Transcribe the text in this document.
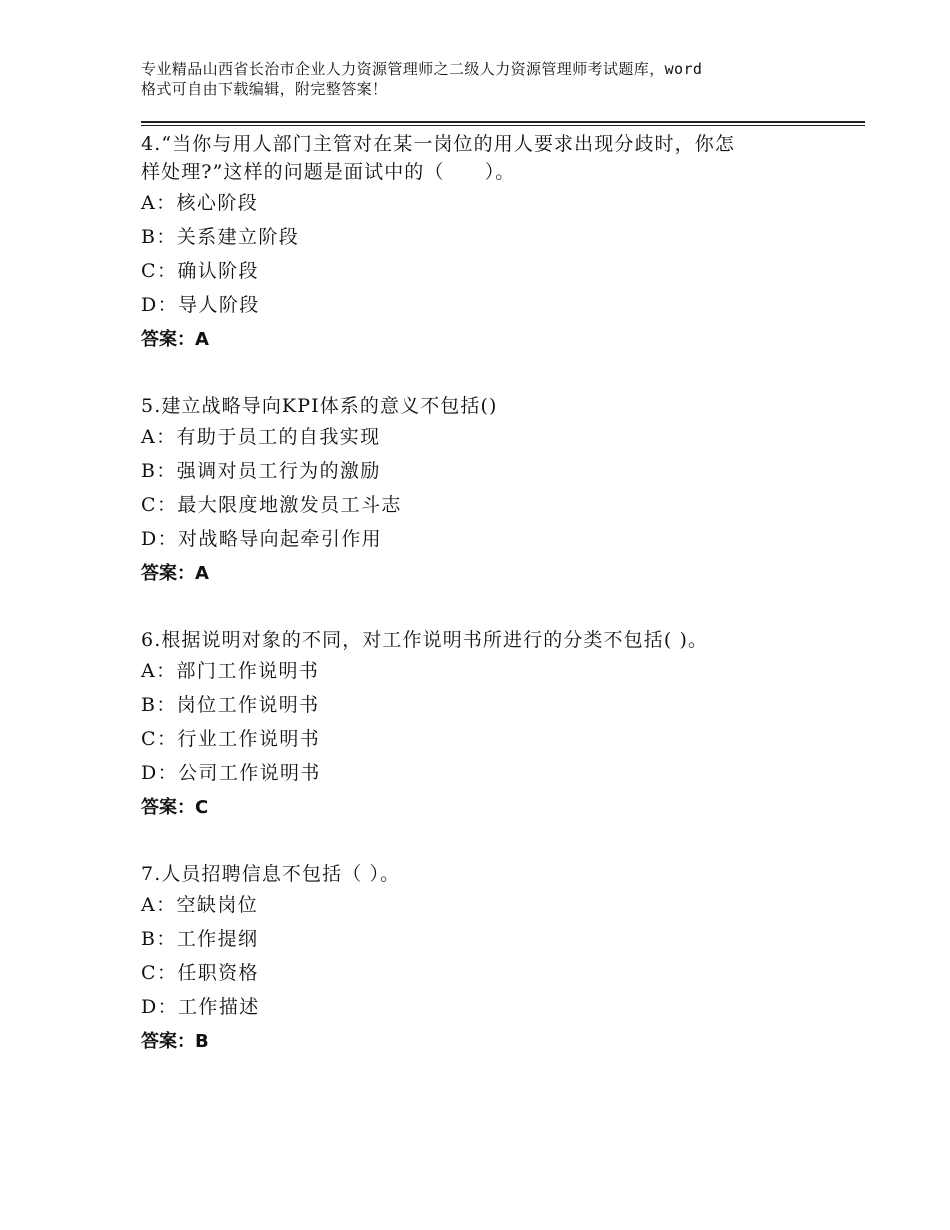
专业精品山西省长治市企业人力资源管理师之二级人力资源管理师考试题库，word
格式可自由下载编辑，附完整答案！
4.“当你与用人部门主管对在某一岗位的用人要求出现分歧时，你怎
样处理?”这样的问题是面试中的（　　）。
A：核心阶段
B：关系建立阶段
C：确认阶段
D：导人阶段
答案：A
5.建立战略导向KPI体系的意义不包括()
A：有助于员工的自我实现
B：强调对员工行为的激励
C：最大限度地激发员工斗志
D：对战略导向起牵引作用
答案：A
6.根据说明对象的不同，对工作说明书所进行的分类不包括( )。
A：部门工作说明书
B：岗位工作说明书
C：行业工作说明书
D：公司工作说明书
答案：C
7.人员招聘信息不包括（ ）。
A：空缺岗位
B：工作提纲
C：任职资格
D：工作描述
答案：B
